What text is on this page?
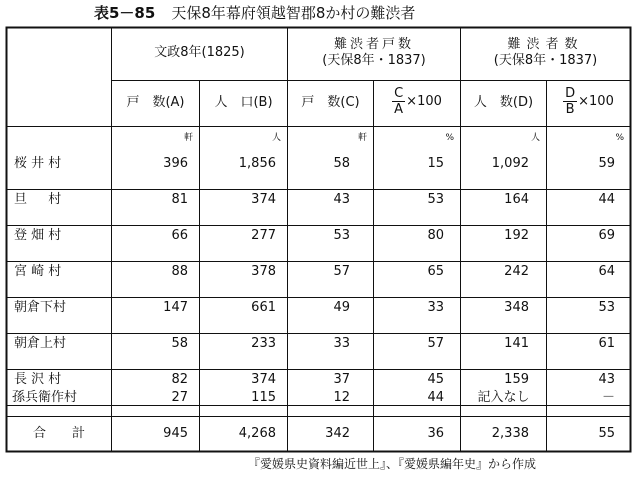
表5－85 天保8年幕府領越智郡8か村の難渋者
文政8年(1825)
難渋者戸数
(天保8年・1837)
難渋者数
(天保8年・1837)
戸　数(A)	人　口(B)	戸　数(C)	$\frac{C}{A} \times 100$	人　数(D)	$\frac{D}{B} \times 100$
軒	人	軒	%	人	%
桜 井 村	396	1,856	58	15	1,092	59
旦 　 村	81	374	43	53	164	44
登 畑 村	66	277	53	80	192	69
宮 崎 村	88	378	57	65	242	64
朝倉下村	147	661	49	33	348	53
朝倉上村	58	233	33	57	141	61
長 沢 村	82	374	37	45	159	43
孫兵衛作村	27	115	12	44	記入なし	－
合　　計	945	4,268	342	36	2,338	55
『愛媛県史資料編近世上』、『愛媛県編年史』から作成
